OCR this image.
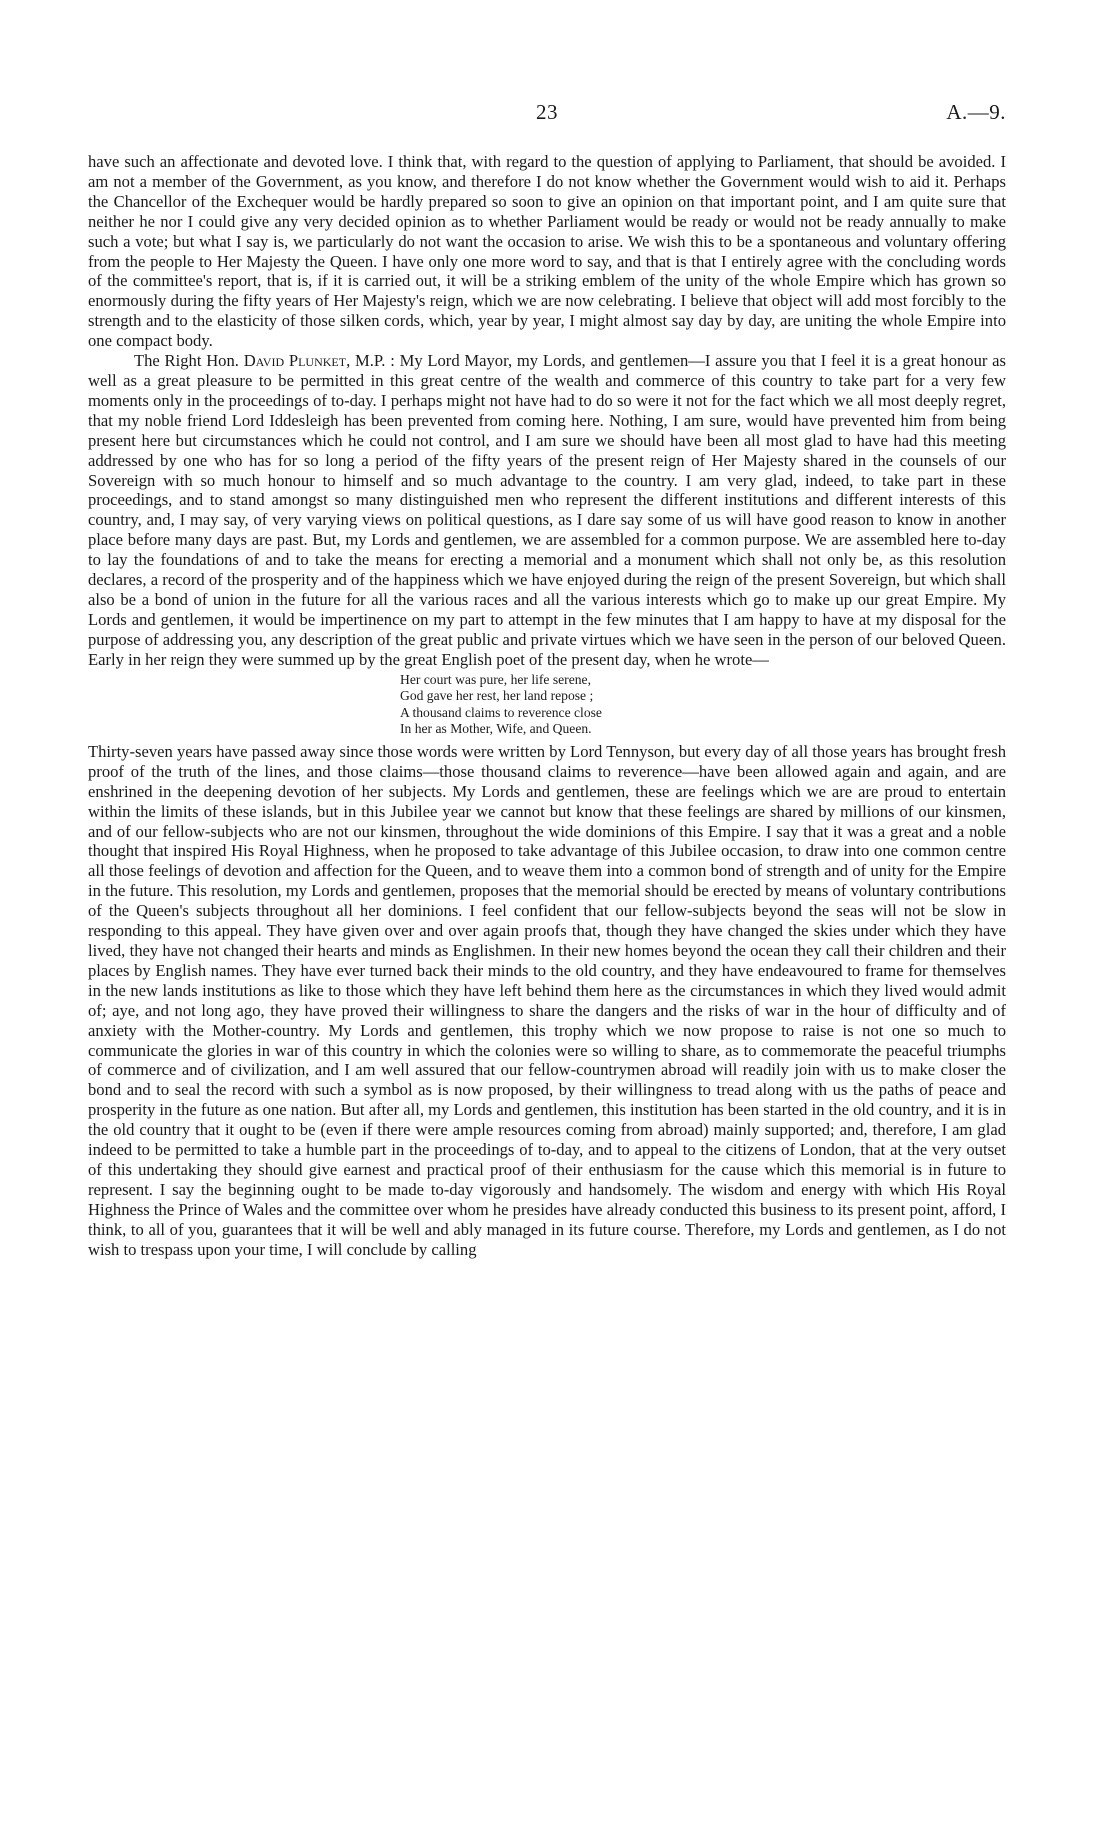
23	A.—9.

have such an affectionate and devoted love. I think that, with regard to the question of applying to Parliament, that should be avoided. I am not a member of the Government, as you know, and therefore I do not know whether the Government would wish to aid it. Perhaps the Chancellor of the Exchequer would be hardly prepared so soon to give an opinion on that important point, and I am quite sure that neither he nor I could give any very decided opinion as to whether Parliament would be ready or would not be ready annually to make such a vote; but what I say is, we particularly do not want the occasion to arise. We wish this to be a spontaneous and voluntary offering from the people to Her Majesty the Queen. I have only one more word to say, and that is that I entirely agree with the concluding words of the committee's report, that is, if it is carried out, it will be a striking emblem of the unity of the whole Empire which has grown so enormously during the fifty years of Her Majesty's reign, which we are now celebrating. I believe that object will add most forcibly to the strength and to the elasticity of those silken cords, which, year by year, I might almost say day by day, are uniting the whole Empire into one compact body.

The Right Hon. David Plunket, M.P. : My Lord Mayor, my Lords, and gentlemen—I assure you that I feel it is a great honour as well as a great pleasure to be permitted in this great centre of the wealth and commerce of this country to take part for a very few moments only in the proceedings of to-day. I perhaps might not have had to do so were it not for the fact which we all most deeply regret, that my noble friend Lord Iddesleigh has been prevented from coming here. Nothing, I am sure, would have prevented him from being present here but circumstances which he could not control, and I am sure we should have been all most glad to have had this meeting addressed by one who has for so long a period of the fifty years of the present reign of Her Majesty shared in the counsels of our Sovereign with so much honour to himself and so much advantage to the country. I am very glad, indeed, to take part in these proceedings, and to stand amongst so many distinguished men who represent the different institutions and different interests of this country, and, I may say, of very varying views on political questions, as I dare say some of us will have good reason to know in another place before many days are past. But, my Lords and gentlemen, we are assembled for a common purpose. We are assembled here to-day to lay the foundations of and to take the means for erecting a memorial and a monument which shall not only be, as this resolution declares, a record of the prosperity and of the happiness which we have enjoyed during the reign of the present Sovereign, but which shall also be a bond of union in the future for all the various races and all the various interests which go to make up our great Empire. My Lords and gentlemen, it would be impertinence on my part to attempt in the few minutes that I am happy to have at my disposal for the purpose of addressing you, any description of the great public and private virtues which we have seen in the person of our beloved Queen. Early in her reign they were summed up by the great English poet of the present day, when he wrote—

Her court was pure, her life serene,
God gave her rest, her land repose ;
A thousand claims to reverence close
In her as Mother, Wife, and Queen.

Thirty-seven years have passed away since those words were written by Lord Tennyson, but every day of all those years has brought fresh proof of the truth of the lines, and those claims—those thousand claims to reverence—have been allowed again and again, and are enshrined in the deepening devotion of her subjects. My Lords and gentlemen, these are feelings which we are are proud to entertain within the limits of these islands, but in this Jubilee year we cannot but know that these feelings are shared by millions of our kinsmen, and of our fellow-subjects who are not our kinsmen, throughout the wide dominions of this Empire. I say that it was a great and a noble thought that inspired His Royal Highness, when he proposed to take advantage of this Jubilee occasion, to draw into one common centre all those feelings of devotion and affection for the Queen, and to weave them into a common bond of strength and of unity for the Empire in the future. This resolution, my Lords and gentlemen, proposes that the memorial should be erected by means of voluntary contributions of the Queen's subjects throughout all her dominions. I feel confident that our fellow-subjects beyond the seas will not be slow in responding to this appeal. They have given over and over again proofs that, though they have changed the skies under which they have lived, they have not changed their hearts and minds as Englishmen. In their new homes beyond the ocean they call their children and their places by English names. They have ever turned back their minds to the old country, and they have endeavoured to frame for themselves in the new lands institutions as like to those which they have left behind them here as the circumstances in which they lived would admit of; aye, and not long ago, they have proved their willingness to share the dangers and the risks of war in the hour of difficulty and of anxiety with the Mother-country. My Lords and gentlemen, this trophy which we now propose to raise is not one so much to communicate the glories in war of this country in which the colonies were so willing to share, as to commemorate the peaceful triumphs of commerce and of civilization, and I am well assured that our fellow-countrymen abroad will readily join with us to make closer the bond and to seal the record with such a symbol as is now proposed, by their willingness to tread along with us the paths of peace and prosperity in the future as one nation. But after all, my Lords and gentlemen, this institution has been started in the old country, and it is in the old country that it ought to be (even if there were ample resources coming from abroad) mainly supported; and, therefore, I am glad indeed to be permitted to take a humble part in the proceedings of to-day, and to appeal to the citizens of London, that at the very outset of this undertaking they should give earnest and practical proof of their enthusiasm for the cause which this memorial is in future to represent. I say the beginning ought to be made to-day vigorously and handsomely. The wisdom and energy with which His Royal Highness the Prince of Wales and the committee over whom he presides have already conducted this business to its present point, afford, I think, to all of you, guarantees that it will be well and ably managed in its future course. Therefore, my Lords and gentlemen, as I do not wish to trespass upon your time, I will conclude by calling
